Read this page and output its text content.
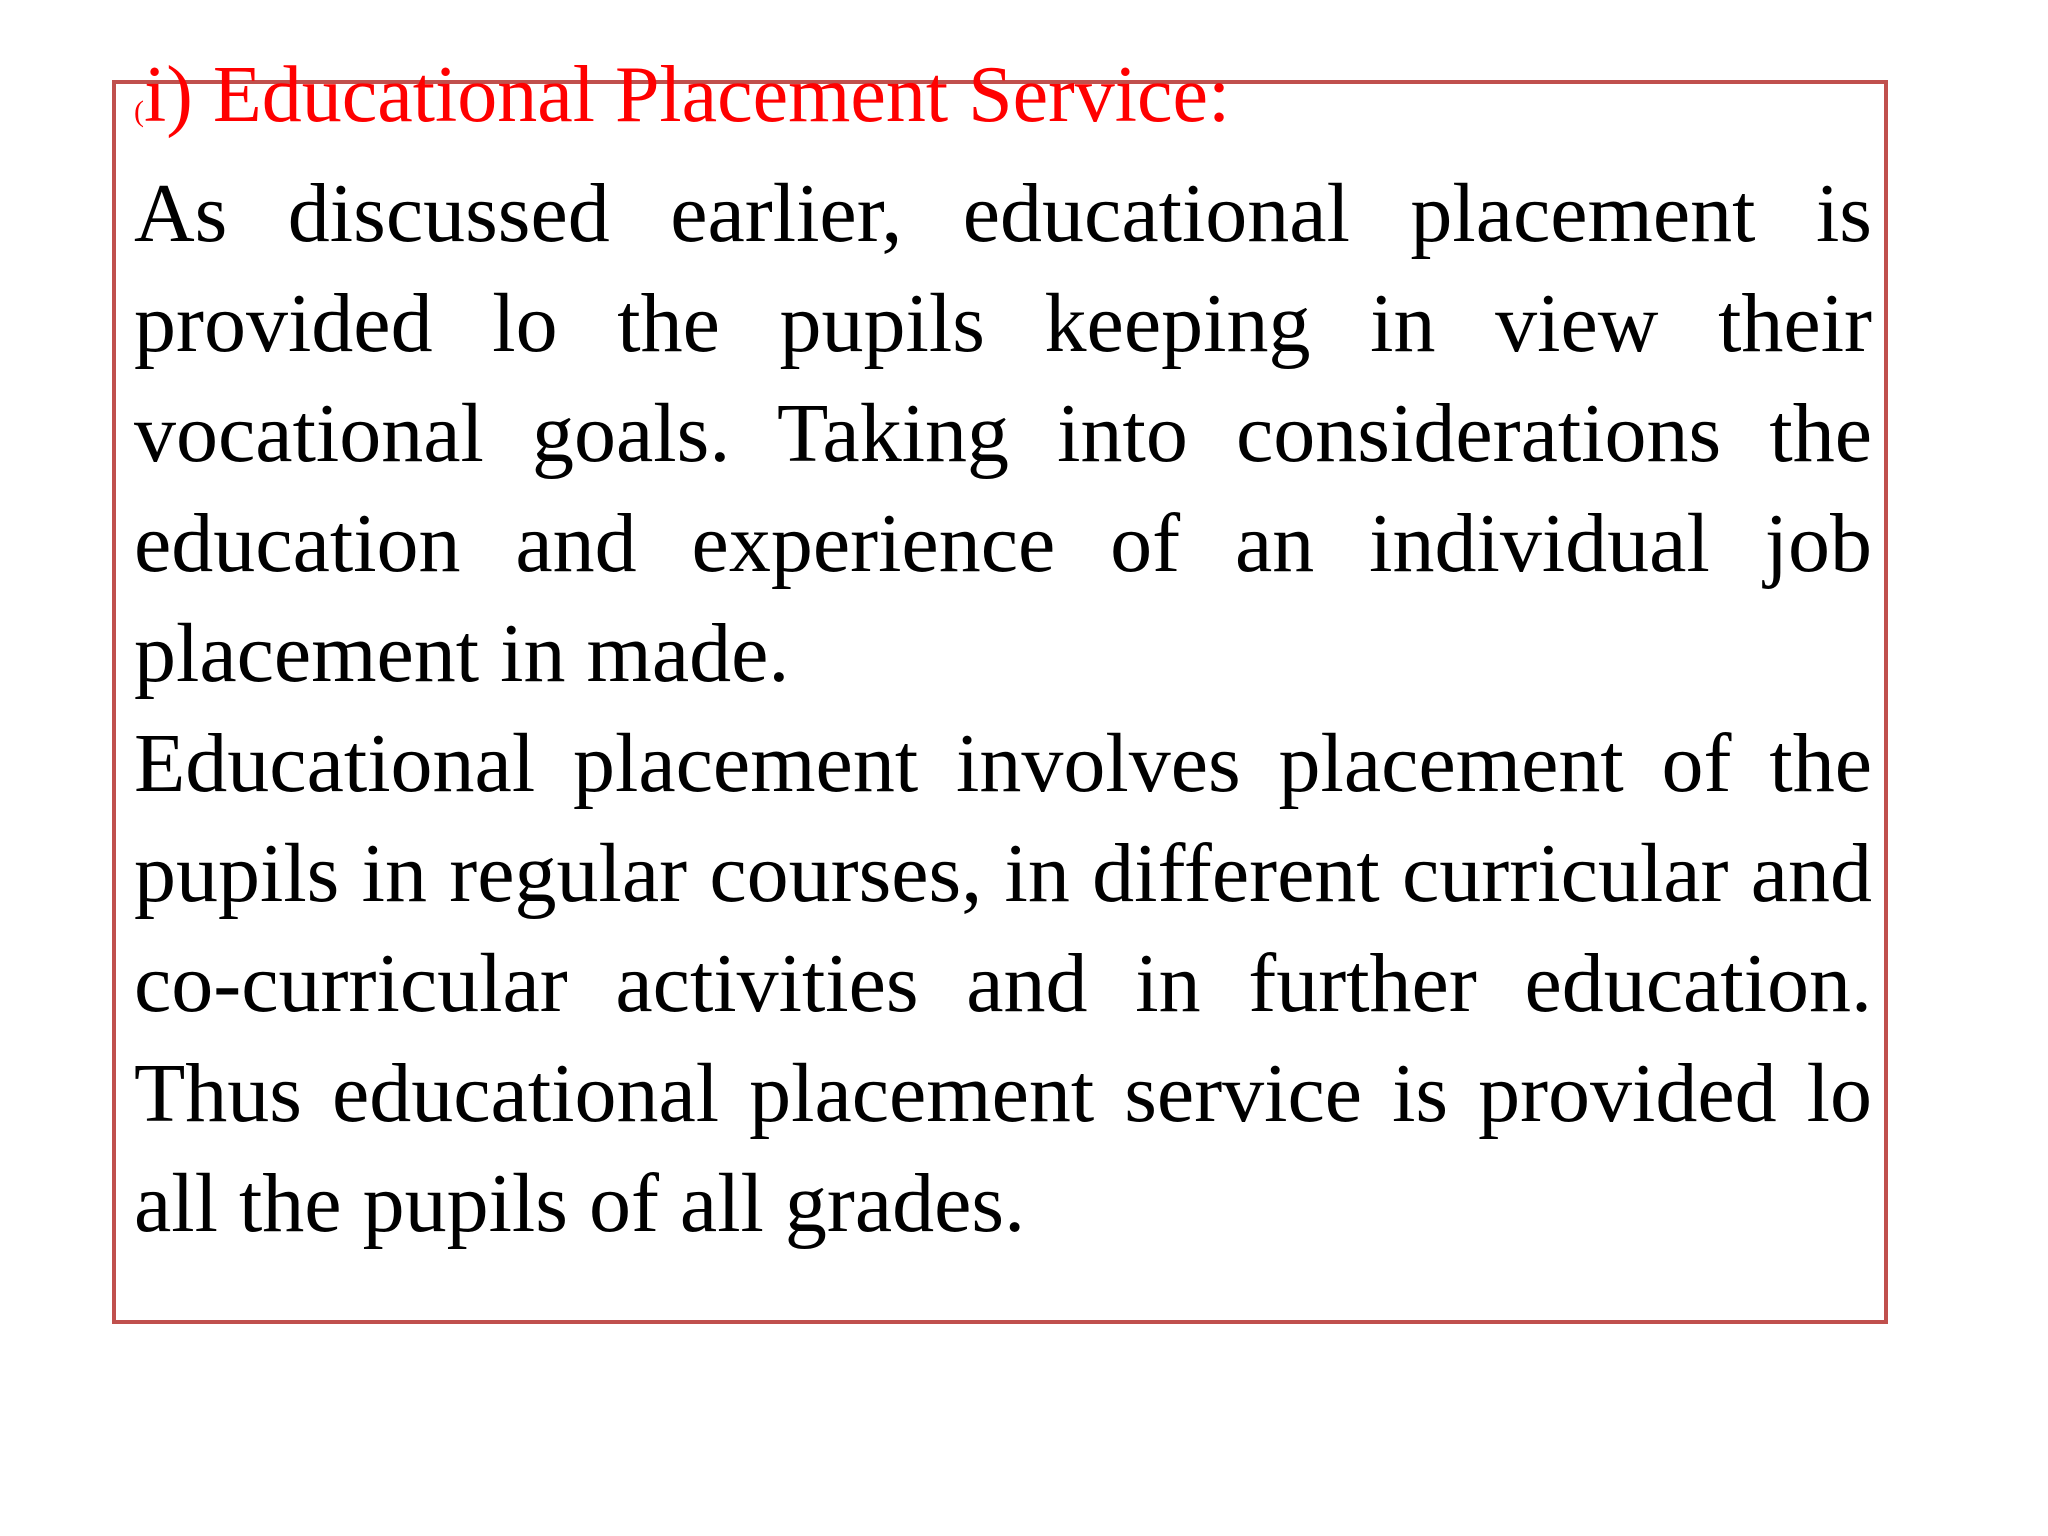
(i) Educational Placement Service:

As discussed earlier, educational placement is provided lo the pupils keeping in view their vocational goals. Taking into considerations the education and experience of an individual job placement in made.

Educational placement involves placement of the pupils in regular courses, in different curricular and co-curricular activities and in further education. Thus educational placement service is provided lo all the pupils of all grades.
